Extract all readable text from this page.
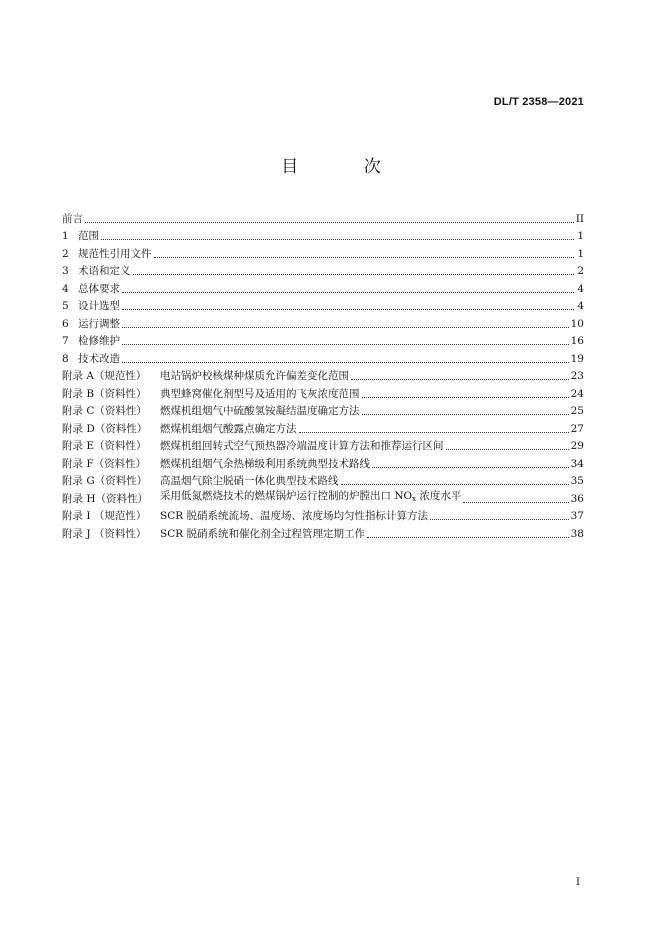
DL/T 2358—2021
目 次
前言	II
1 范围	1
2 规范性引用文件	1
3 术语和定义	2
4 总体要求	4
5 设计选型	4
6 运行调整	10
7 检修维护	16
8 技术改造	19
附录 A（规范性）	电站锅炉校核煤种煤质允许偏差变化范围	23
附录 B（资料性）	典型蜂窝催化剂型号及适用的飞灰浓度范围	24
附录 C（资料性）	燃煤机组烟气中硫酸氢铵凝结温度确定方法	25
附录 D（资料性）	燃煤机组烟气酸露点确定方法	27
附录 E（资料性）	燃煤机组回转式空气预热器冷端温度计算方法和推荐运行区间	29
附录 F（资料性）	燃煤机组烟气余热梯级利用系统典型技术路线	34
附录 G（资料性）	高温烟气除尘脱硝一体化典型技术路线	35
附录 H（资料性）	采用低氮燃烧技术的燃煤锅炉运行控制的炉膛出口 $NO_x$ 浓度水平	36
附录 I （规范性）	SCR 脱硝系统流场、温度场、浓度场均匀性指标计算方法	37
附录 J （资料性）	SCR 脱硝系统和催化剂全过程管理定期工作	38
I
